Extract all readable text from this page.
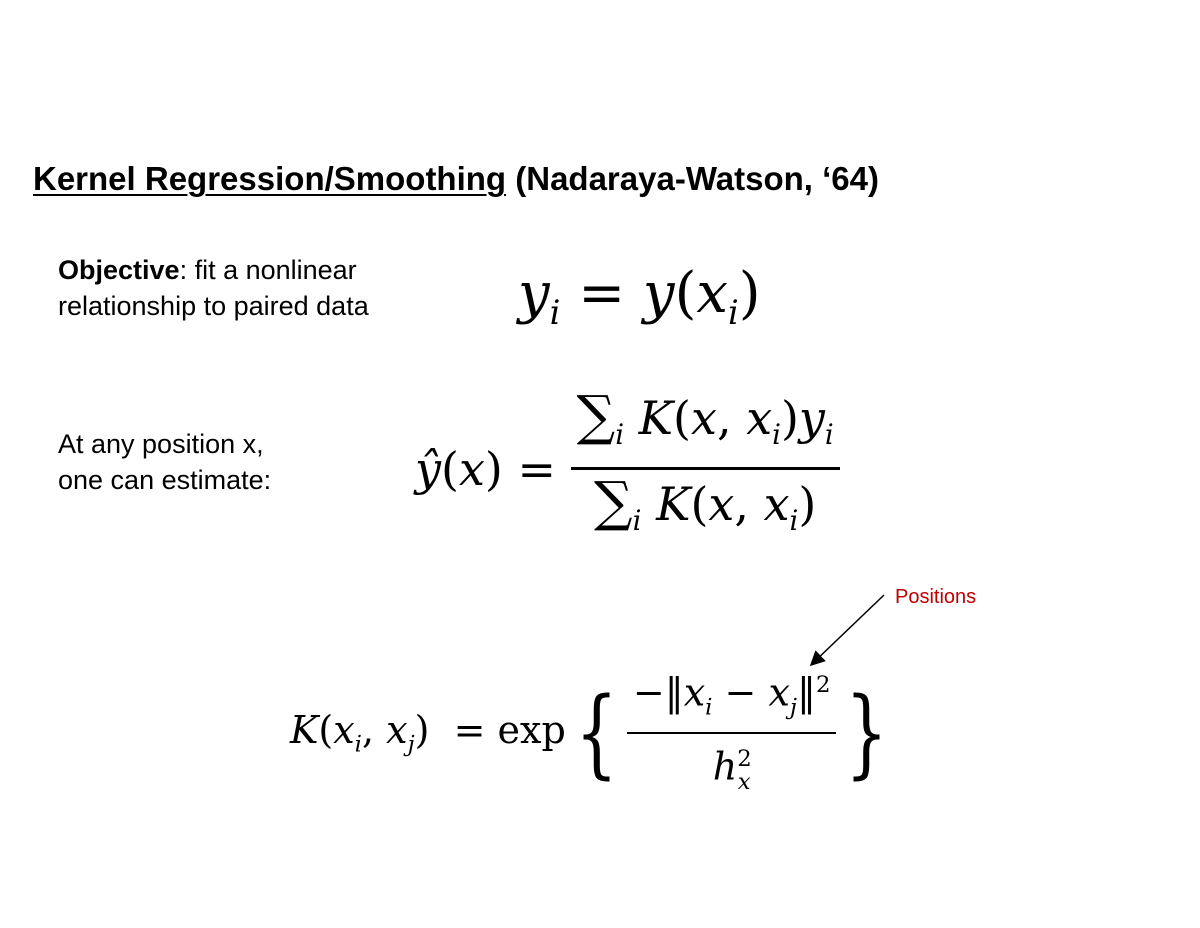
Kernel Regression/Smoothing (Nadaraya-Watson, ‘64)
Objective: fit a nonlinear
relationship to paired data
At any position x,
one can estimate:
$y_i = y(x_i)$
ŷ(x) = $\frac{\sum_i K(x, x_i)y_i}{\sum_i K(x, x_i)}$
$K(x_i$, $x_j) = \exp\{ \frac{-‖x_i - x_j‖^2}{h^2_x}$ }
Positions
